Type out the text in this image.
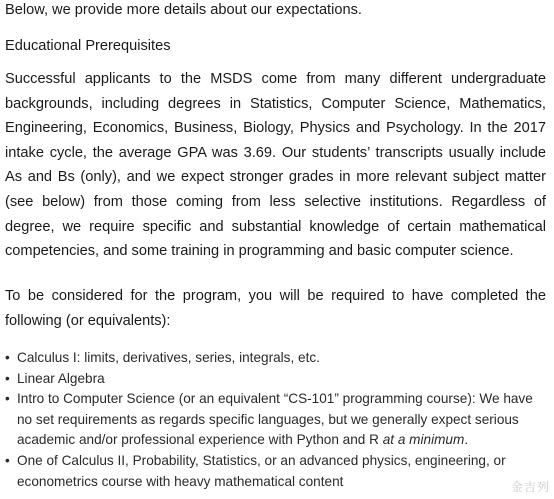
Below, we provide more details about our expectations.

Educational Prerequisites

Successful applicants to the MSDS come from many different undergraduate backgrounds, including degrees in Statistics, Computer Science, Mathematics, Engineering, Economics, Business, Biology, Physics and Psychology. In the 2017 intake cycle, the average GPA was 3.69. Our students’ transcripts usually include As and Bs (only), and we expect stronger grades in more relevant subject matter (see below) from those coming from less selective institutions. Regardless of degree, we require specific and substantial knowledge of certain mathematical competencies, and some training in programming and basic computer science.

To be considered for the program, you will be required to have completed the following (or equivalents):

• Calculus I: limits, derivatives, series, integrals, etc.
• Linear Algebra
• Intro to Computer Science (or an equivalent “CS-101” programming course): We have no set requirements as regards specific languages, but we generally expect serious academic and/or professional experience with Python and R at a minimum.
• One of Calculus II, Probability, Statistics, or an advanced physics, engineering, or econometrics course with heavy mathematical content	金吉列
